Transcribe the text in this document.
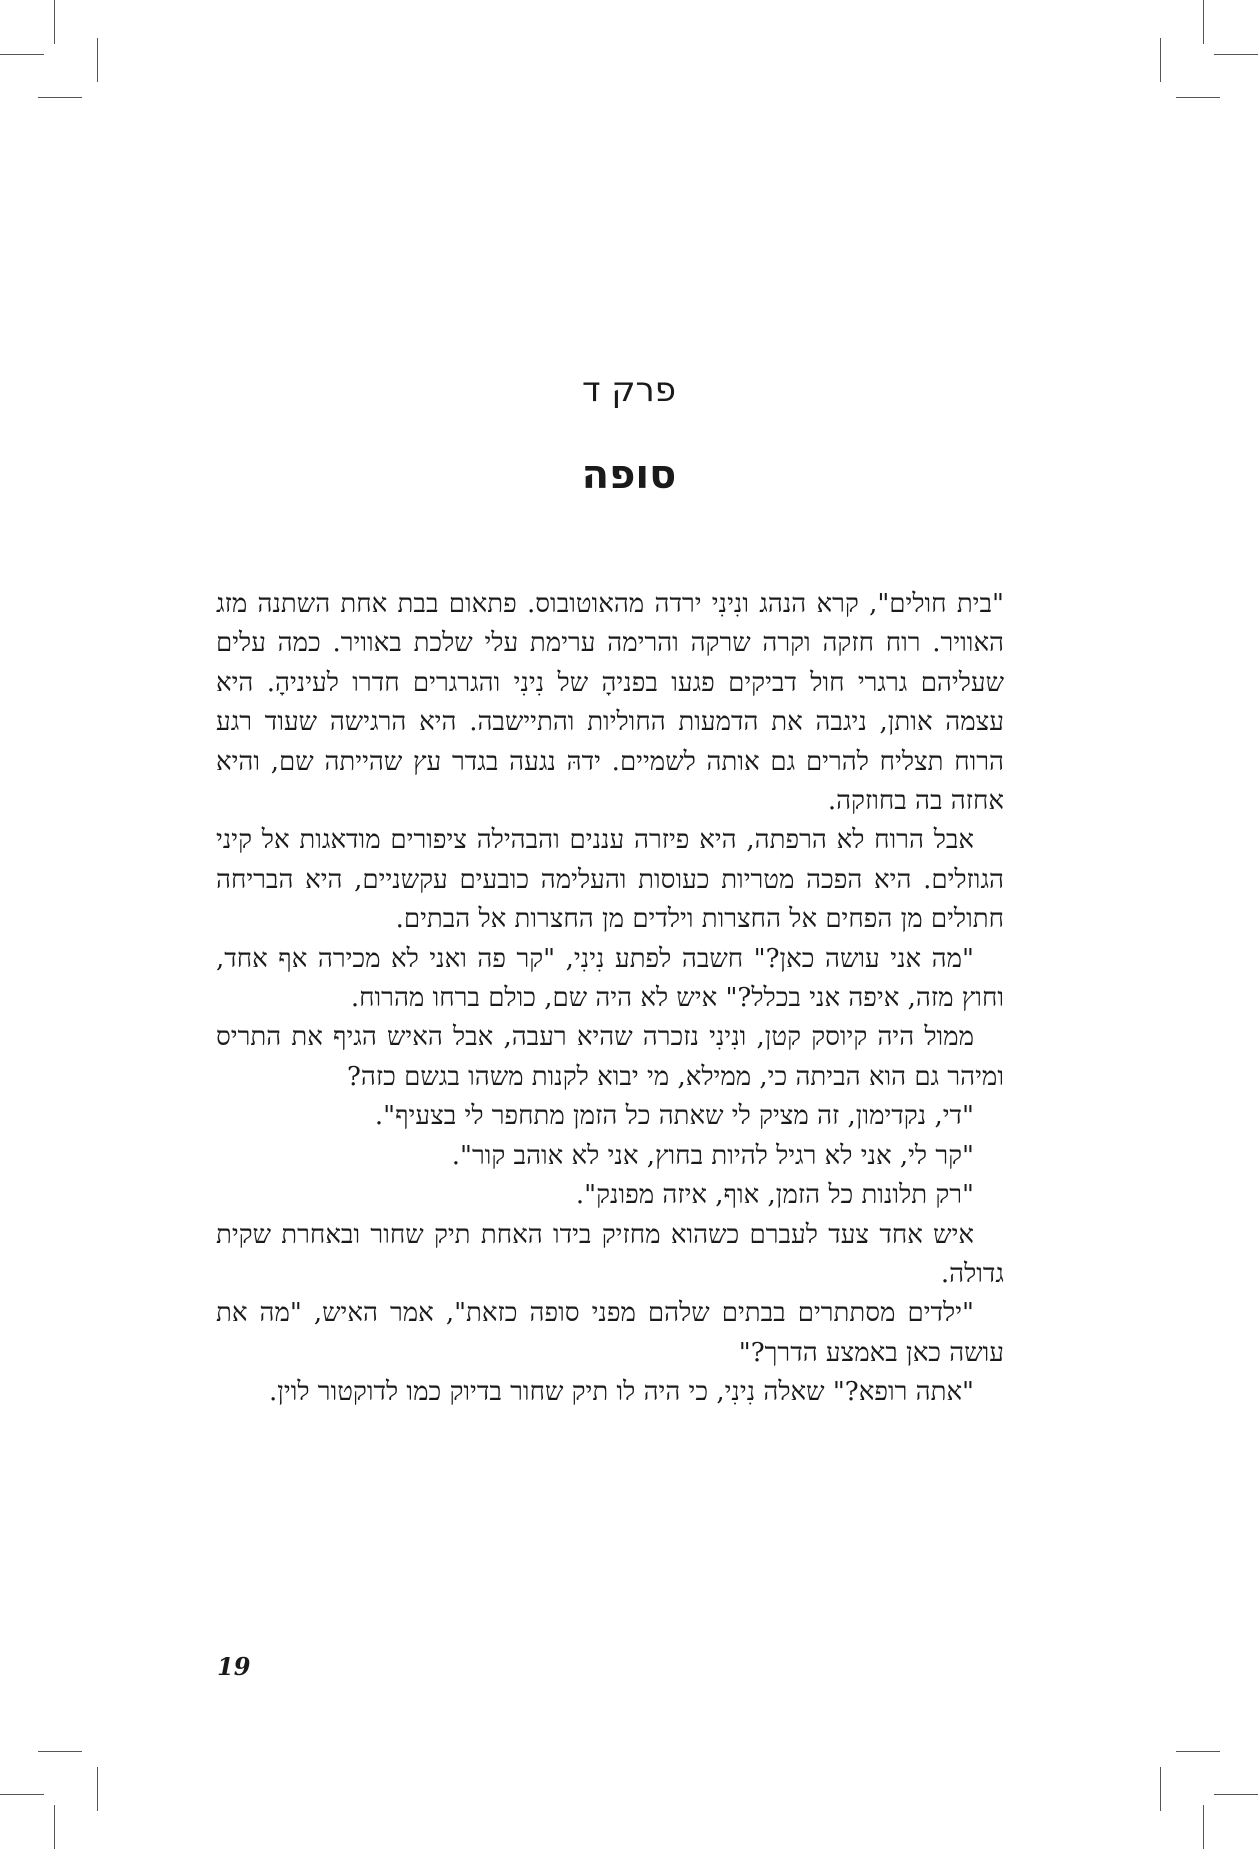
פרק ד
סופה

"בית חולים", קרא הנהג ונִינִי ירדה מהאוטובוס. פתאום בבת אחת השתנה מזג האוויר. רוח חזקה וקרה שרקה והרימה ערימת עלי שלכת באוויר. כמה עלים שעליהם גרגרי חול דביקים פגעו בפניהָ של נִינִי והגרגרים חדרו לעיניהָ. היא עצמה אותן, ניגבה את הדמעות החוליות והתיישבה. היא הרגישה שעוד רגע הרוח תצליח להרים גם אותה לשמיים. ידהּ נגעה בגדר עץ שהייתה שם, והיא אחזה בה בחוזקה.

אבל הרוח לא הרפתה, היא פיזרה עננים והבהילה ציפורים מודאגות אל קיני הגוזלים. היא הפכה מטריות כעוסות והעלימה כובעים עקשניים, היא הבריחה חתולים מן הפחים אל החצרות וילדים מן החצרות אל הבתים.

"מה אני עושה כאן?" חשבה לפתע נִינִי, "קר פה ואני לא מכירה אף אחד, וחוץ מזה, איפה אני בכלל?" איש לא היה שם, כולם ברחו מהרוח.

ממול היה קיוסק קטן, ונִינִי נזכרה שהיא רעבה, אבל האיש הגיף את התריס ומיהר גם הוא הביתה כי, ממילא, מי יבוא לקנות משהו בגשם כזה?

"די, נקדימון, זה מציק לי שאתה כל הזמן מתחפר לי בצעיף".

"קר לי, אני לא רגיל להיות בחוץ, אני לא אוהב קור".

"רק תלונות כל הזמן, אוף, איזה מפונק".

איש אחד צעד לעברם כשהוא מחזיק בידו האחת תיק שחור ובאחרת שקית גדולה.

"ילדים מסתתרים בבתים שלהם מפני סופה כזאת", אמר האיש, "מה את עושה כאן באמצע הדרך?"

"אתה רופא?" שאלה נִינִי, כי היה לו תיק שחור בדיוק כמו לדוקטור לוין.

19
